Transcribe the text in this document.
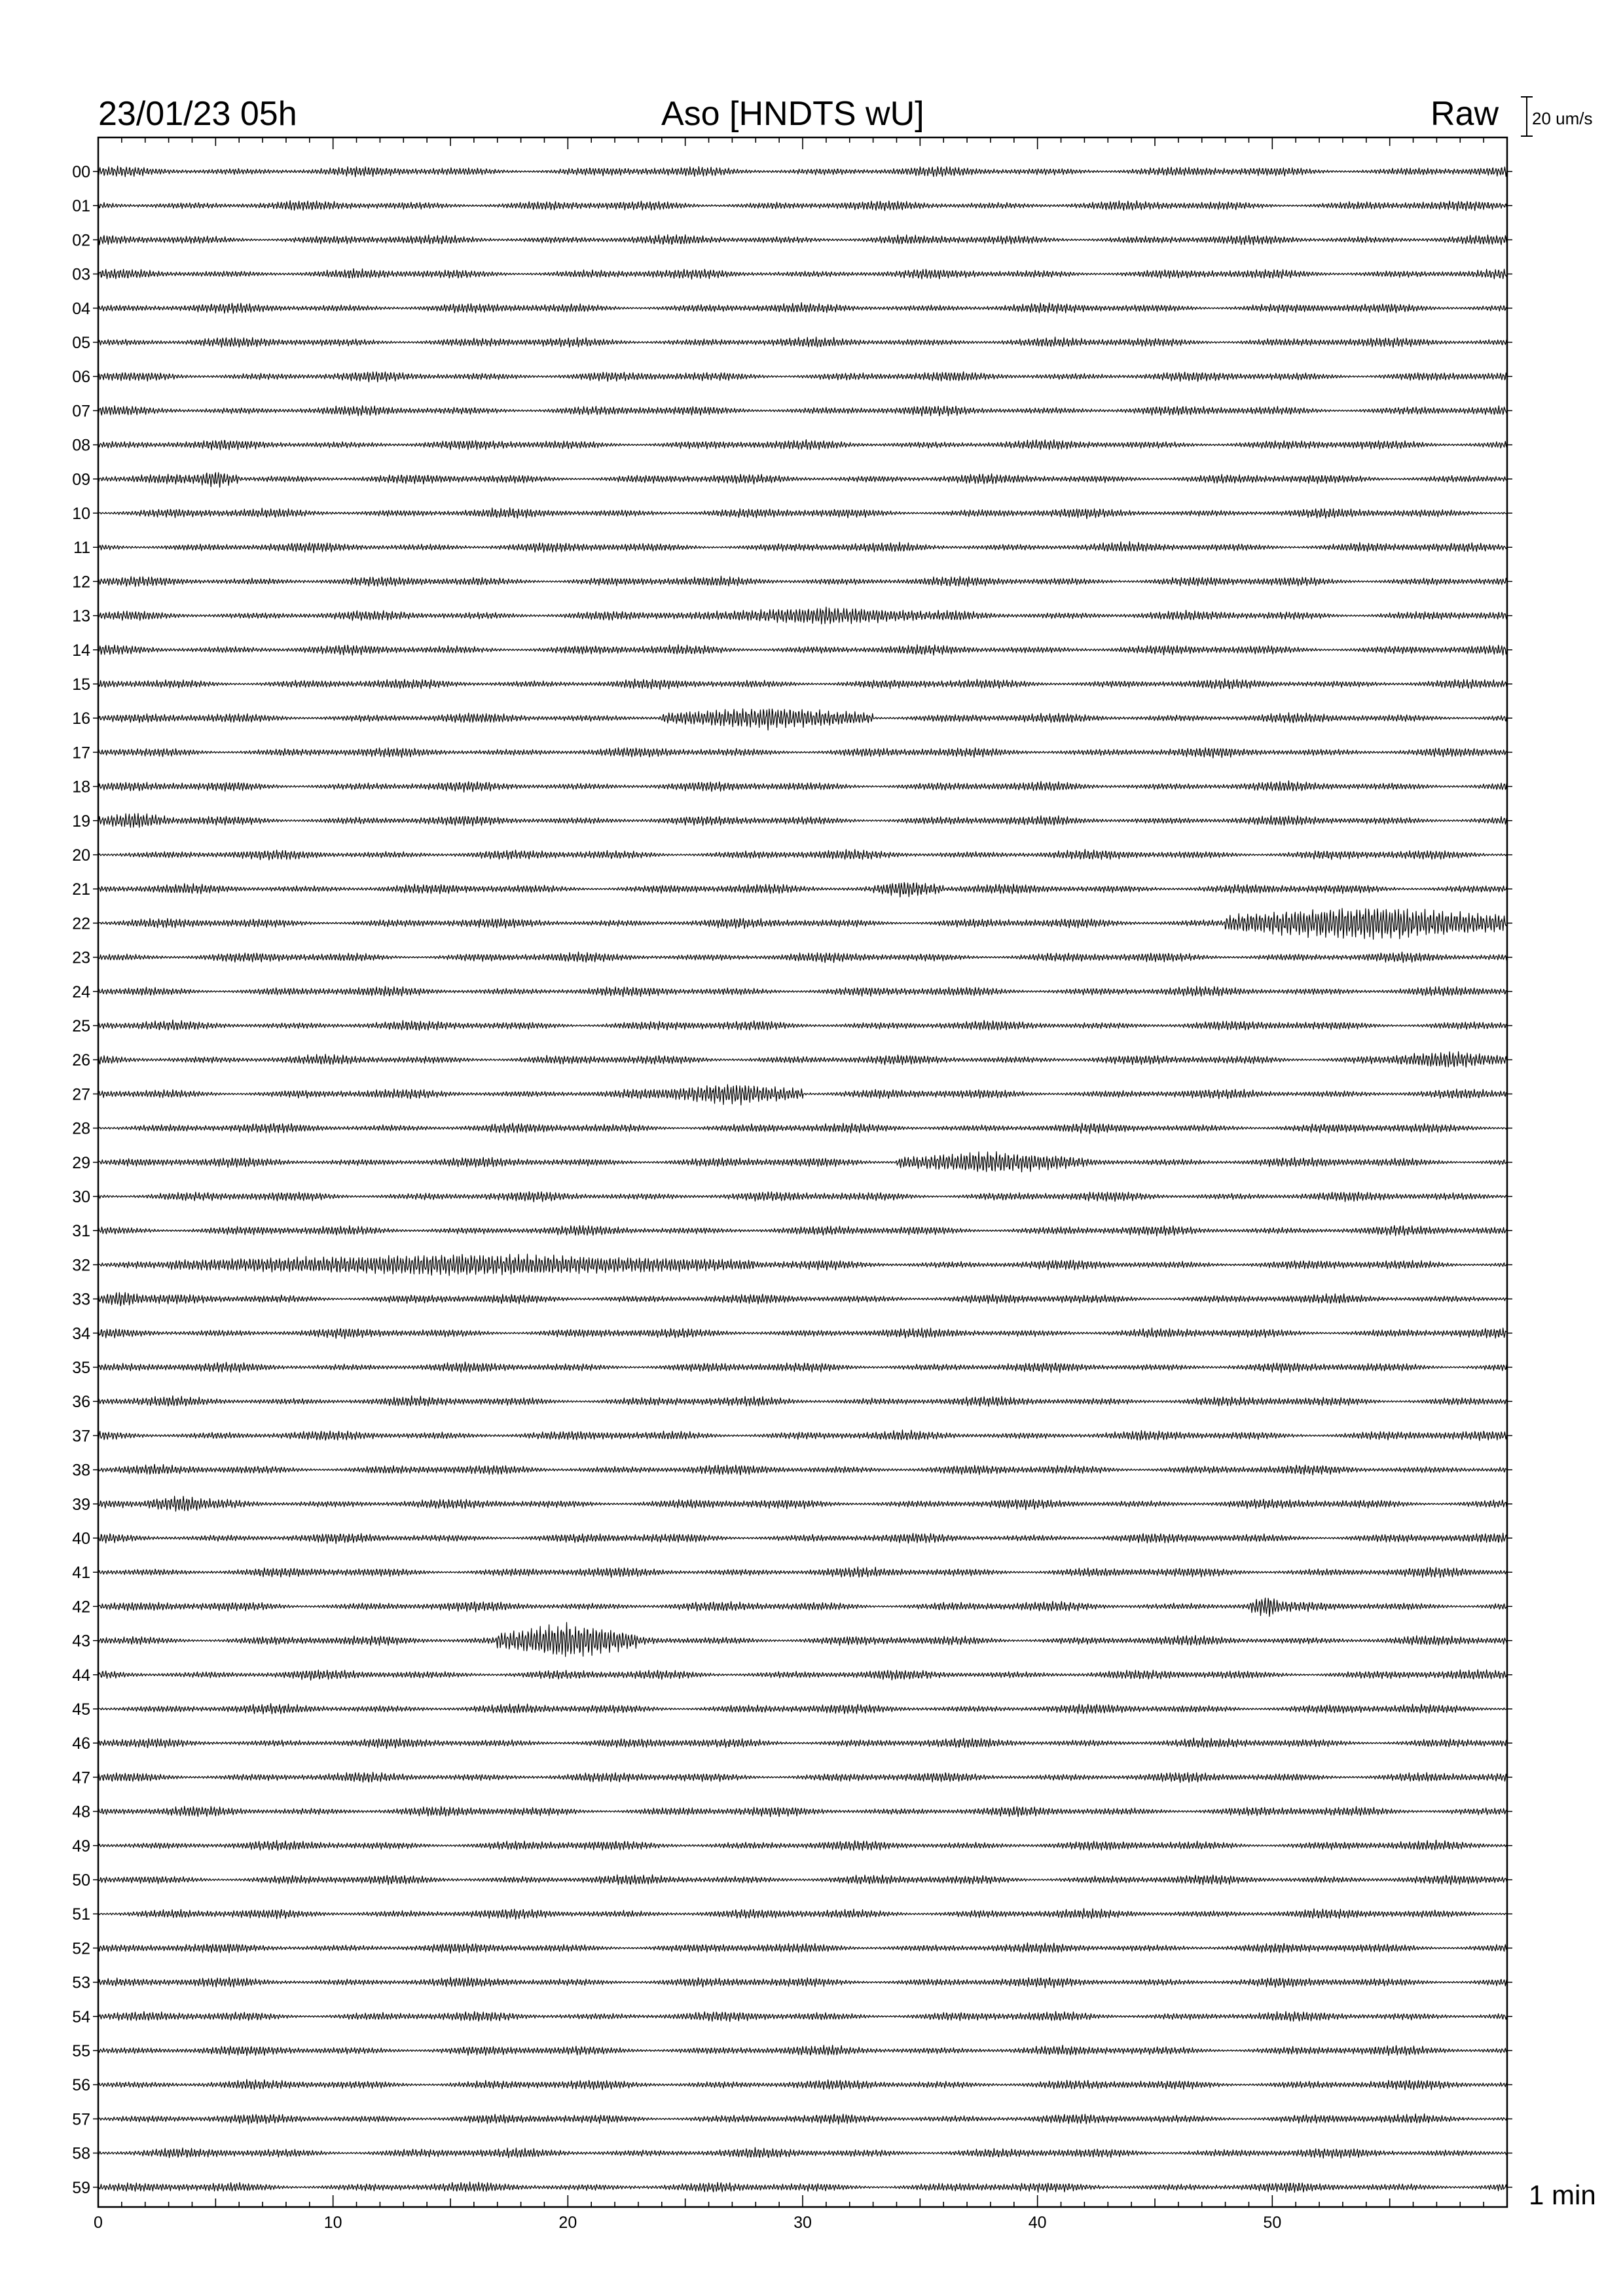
23/01/23 05h	Aso [HNDTS wU]	Raw 20 um/s
1 min
0	10	20	30	40	50
00
01
02
03
04
05
06
07
08
09
10
11
12
13
14
15
16
17
18
19
20
21
22
23
24
25
26
27
28
29
30
31
32
33
34
35
36
37
38
39
40
41
42
43
44
45
46
47
48
49
50
51
52
53
54
55
56
57
58
59
